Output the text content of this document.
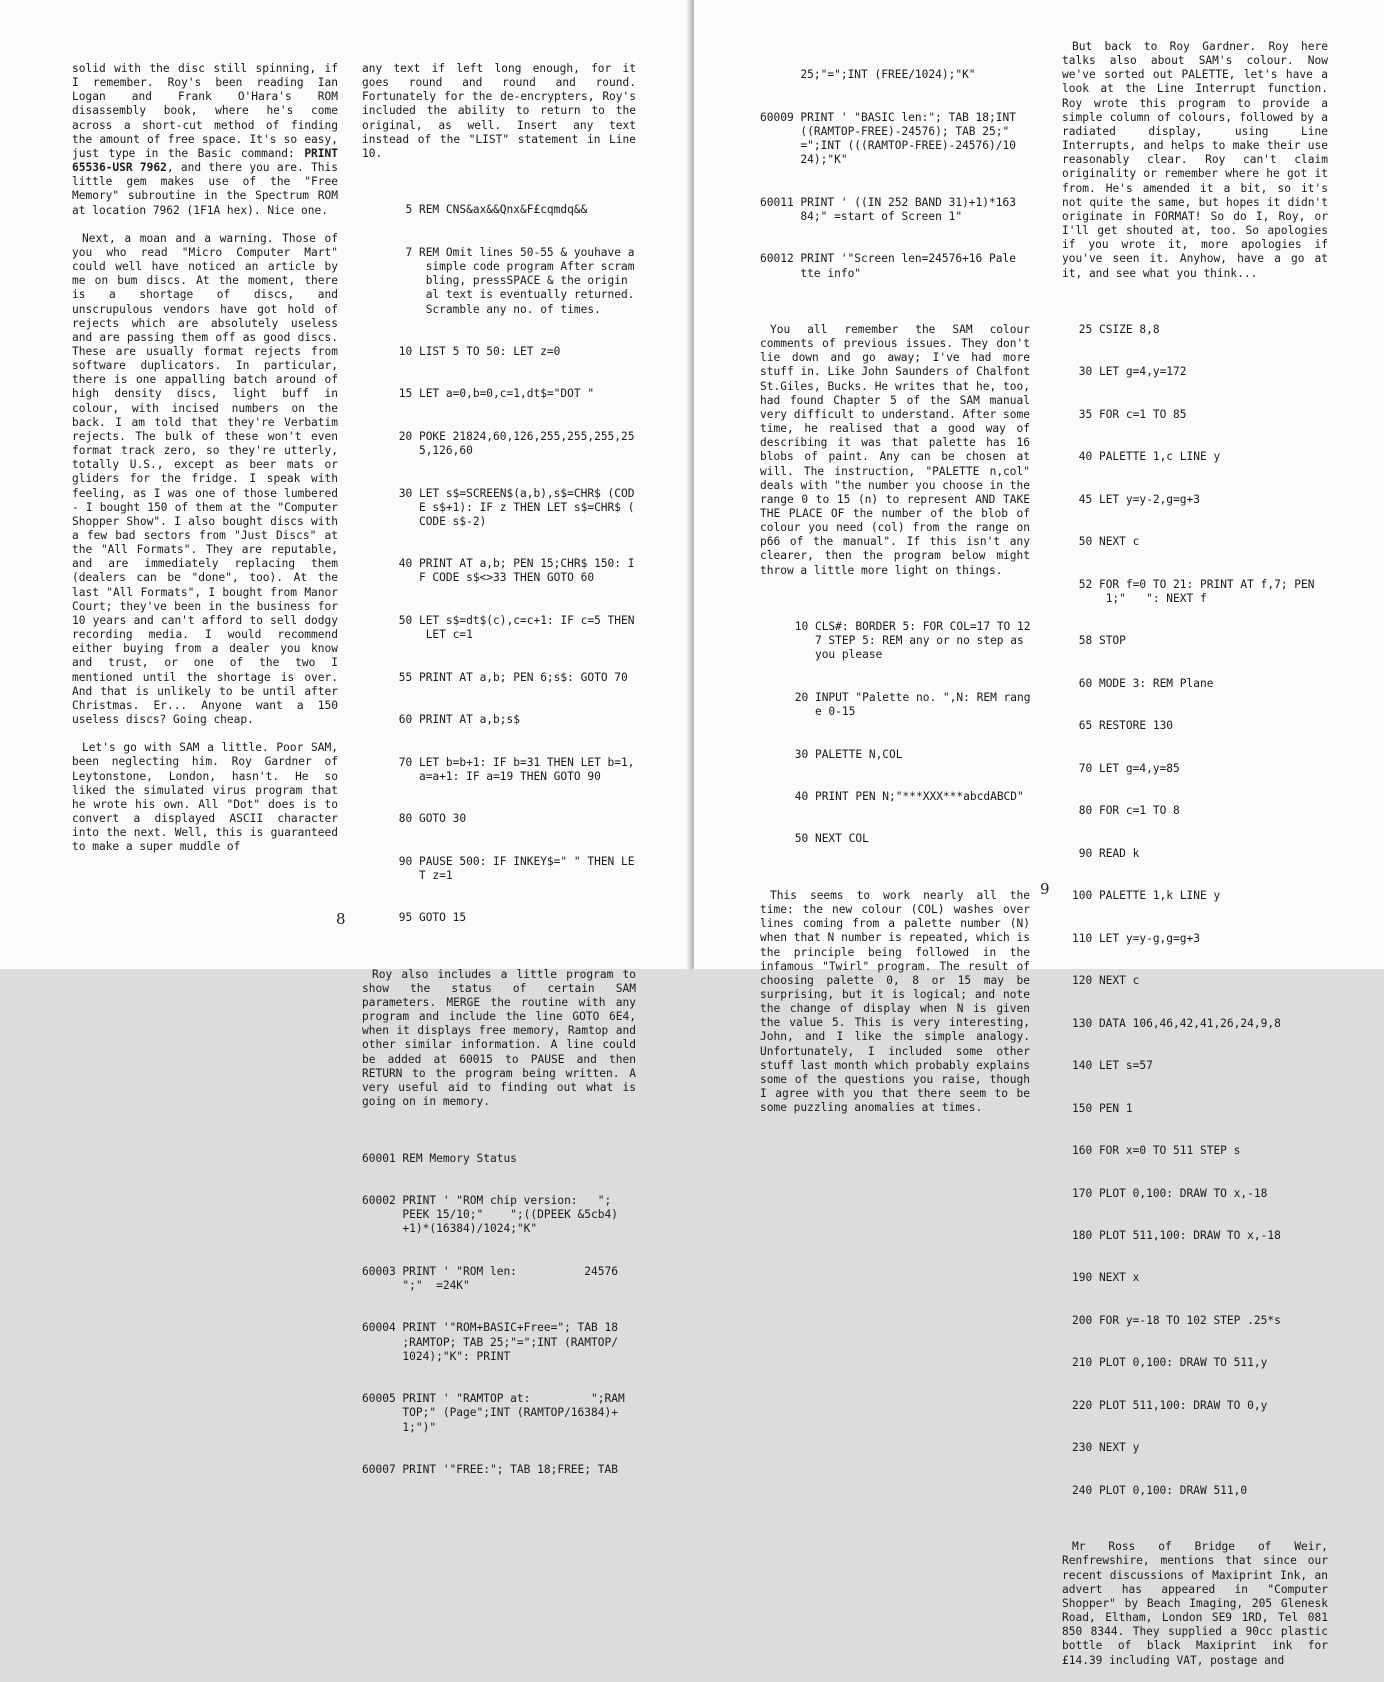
solid with the disc still spinning, if I remember. Roy's been reading Ian Logan and Frank O'Hara's ROM disassembly book, where he's come across a short-cut method of finding the amount of free space. It's so easy, just type in the Basic command: PRINT 65536-USR 7962, and there you are. This little gem makes use of the "Free Memory" subroutine in the Spectrum ROM at location 7962 (1F1A hex). Nice one.

Next, a moan and a warning. Those of you who read "Micro Computer Mart" could well have noticed an article by me on bum discs. At the moment, there is a shortage of discs, and unscrupulous vendors have got hold of rejects which are absolutely useless and are passing them off as good discs. These are usually format rejects from software duplicators. In particular, there is one appalling batch around of high density discs, light buff in colour, with incised numbers on the back. I am told that they're Verbatim rejects. The bulk of these won't even format track zero, so they're utterly, totally U.S., except as beer mats or gliders for the fridge. I speak with feeling, as I was one of those lumbered - I bought 150 of them at the "Computer Shopper Show". I also bought discs with a few bad sectors from "Just Discs" at the "All Formats". They are reputable, and are immediately replacing them (dealers can be "done", too). At the last "All Formats", I bought from Manor Court; they've been in the business for 10 years and can't afford to sell dodgy recording media. I would recommend either buying from a dealer you know and trust, or one of the two I mentioned until the shortage is over. And that is unlikely to be until after Christmas. Er... Anyone want a 150 useless discs? Going cheap.

Let's go with SAM a little. Poor SAM, been neglecting him. Roy Gardner of Leytonstone, London, hasn't. He so liked the simulated virus program that he wrote his own. All "Dot" does is to convert a displayed ASCII character into the next. Well, this is guaranteed to make a super muddle of

any text if left long enough, for it goes round and round and round. Fortunately for the de-encrypters, Roy's included the ability to return to the original, as well. Insert any text instead of the "LIST" statement in Line 10.

5 REM CNS&ax&&Qnx&F£cqmdq&&

7 REM Omit lines 50-55 & youhave a
simple code program After scram
bling, pressSPACE & the origin
al text is eventually returned.
Scramble any no. of times.

10 LIST 5 TO 50: LET z=0

15 LET a=0,b=0,c=1,dt$="DOT "

20 POKE 21824,60,126,255,255,255,25
5,126,60

30 LET s$=SCREEN$(a,b),s$=CHR$ (COD
E s$+1): IF z THEN LET s$=CHR$ (
CODE s$-2)

40 PRINT AT a,b; PEN 15;CHR$ 150: I
F CODE s$<>33 THEN GOTO 60

50 LET s$=dt$(c),c=c+1: IF c=5 THEN
LET c=1

55 PRINT AT a,b; PEN 6;s$: GOTO 70

60 PRINT AT a,b;s$

70 LET b=b+1: IF b=31 THEN LET b=1,
a=a+1: IF a=19 THEN GOTO 90

80 GOTO 30

90 PAUSE 500: IF INKEY$=" " THEN LE
T z=1

95 GOTO 15

Roy also includes a little program to show the status of certain SAM parameters. MERGE the routine with any program and include the line GOTO 6E4, when it displays free memory, Ramtop and other similar information. A line could be added at 60015 to PAUSE and then RETURN to the program being written. A very useful aid to finding out what is going on in memory.

60001 REM Memory Status

60002 PRINT ' "ROM chip version:   ";
PEEK 15/10;"    ";((DPEEK &5cb4)
+1)*(16384)/1024;"K"

60003 PRINT ' "ROM len:          24576
";"  =24K"

60004 PRINT '"ROM+BASIC+Free="; TAB 18
;RAMTOP; TAB 25;"=";INT (RAMTOP/
1024);"K": PRINT

60005 PRINT ' "RAMTOP at:         ";RAM
TOP;" (Page";INT (RAMTOP/16384)+
1;")"

60007 PRINT '"FREE:"; TAB 18;FREE; TAB

8

25;"=";INT (FREE/1024);"K"

60009 PRINT ' "BASIC len:"; TAB 18;INT
((RAMTOP-FREE)-24576); TAB 25;"
=";INT (((RAMTOP-FREE)-24576)/10
24);"K"

60011 PRINT ' ((IN 252 BAND 31)+1)*163
84;" =start of Screen 1"

60012 PRINT '"Screen len=24576+16 Pale
tte info"

You all remember the SAM colour comments of previous issues. They don't lie down and go away; I've had more stuff in. Like John Saunders of Chalfont St.Giles, Bucks. He writes that he, too, had found Chapter 5 of the SAM manual very difficult to understand. After some time, he realised that a good way of describing it was that palette has 16 blobs of paint. Any can be chosen at will. The instruction, "PALETTE n,col" deals with "the number you choose in the range 0 to 15 (n) to represent AND TAKE THE PLACE OF the number of the blob of colour you need (col) from the range on p66 of the manual". If this isn't any clearer, then the program below might throw a little more light on things.

10 CLS#: BORDER 5: FOR COL=17 TO 12
7 STEP 5: REM any or no step as
you please

20 INPUT "Palette no. ",N: REM rang
e 0-15

30 PALETTE N,COL

40 PRINT PEN N;"***XXX***abcdABCD"

50 NEXT COL

This seems to work nearly all the time: the new colour (COL) washes over lines coming from a palette number (N) when that N number is repeated, which is the principle being followed in the infamous "Twirl" program. The result of choosing palette 0, 8 or 15 may be surprising, but it is logical; and note the change of display when N is given the value 5. This is very interesting, John, and I like the simple analogy. Unfortunately, I included some other stuff last month which probably explains some of the questions you raise, though I agree with you that there seem to be some puzzling anomalies at times.

But back to Roy Gardner. Roy here talks also about SAM's colour. Now we've sorted out PALETTE, let's have a look at the Line Interrupt function. Roy wrote this program to provide a simple column of colours, followed by a radiated display, using Line Interrupts, and helps to make their use reasonably clear. Roy can't claim originality or remember where he got it from. He's amended it a bit, so it's not quite the same, but hopes it didn't originate in FORMAT! So do I, Roy, or I'll get shouted at, too. So apologies if you wrote it, more apologies if you've seen it. Anyhow, have a go at it, and see what you think...

25 CSIZE 8,8

30 LET g=4,y=172

35 FOR c=1 TO 85

40 PALETTE 1,c LINE y

45 LET y=y-2,g=g+3

50 NEXT c

52 FOR f=0 TO 21: PRINT AT f,7; PEN
1;"   ": NEXT f

58 STOP

60 MODE 3: REM Plane

65 RESTORE 130

70 LET g=4,y=85

80 FOR c=1 TO 8

90 READ k

100 PALETTE 1,k LINE y

110 LET y=y-g,g=g+3

120 NEXT c

130 DATA 106,46,42,41,26,24,9,8

140 LET s=57

150 PEN 1

160 FOR x=0 TO 511 STEP s

170 PLOT 0,100: DRAW TO x,-18

180 PLOT 511,100: DRAW TO x,-18

190 NEXT x

200 FOR y=-18 TO 102 STEP .25*s

210 PLOT 0,100: DRAW TO 511,y

220 PLOT 511,100: DRAW TO 0,y

230 NEXT y

240 PLOT 0,100: DRAW 511,0

Mr Ross of Bridge of Weir, Renfrewshire, mentions that since our recent discussions of Maxiprint Ink, an advert has appeared in "Computer Shopper" by Beach Imaging, 205 Glenesk Road, Eltham, London SE9 1RD, Tel 081 850 8344. They supplied a 90cc plastic bottle of black Maxiprint ink for £14.39 including VAT, postage and

9
